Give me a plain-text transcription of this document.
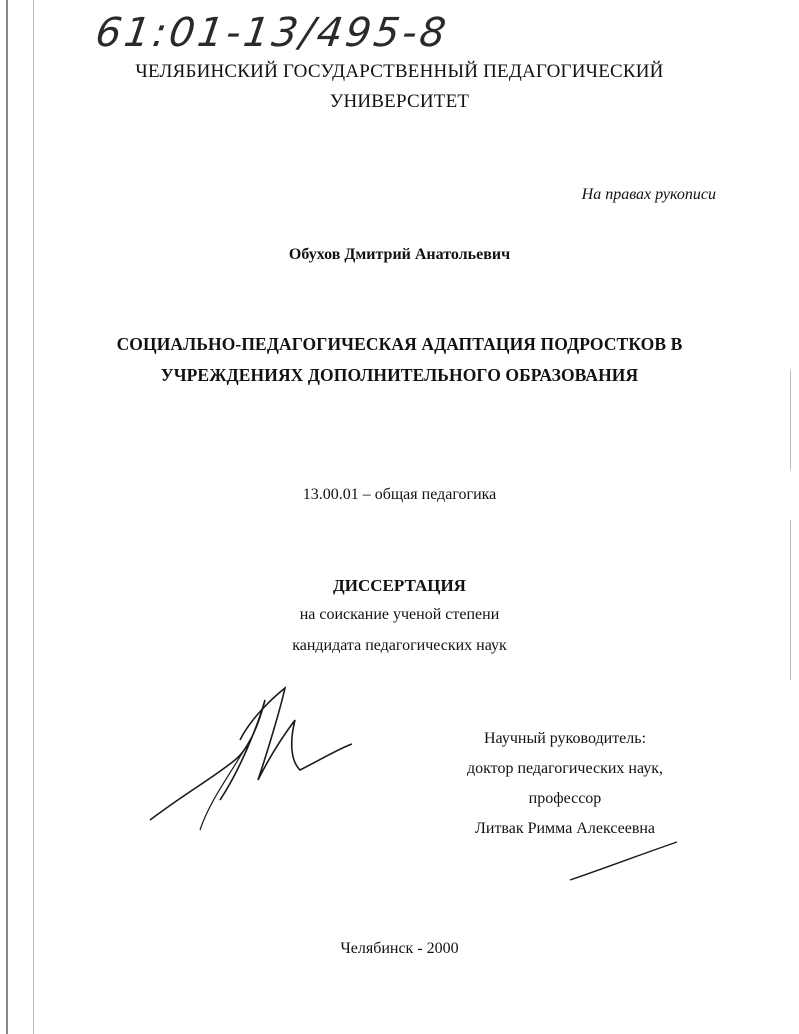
61:01-13/495-8
ЧЕЛЯБИНСКИЙ ГОСУДАРСТВЕННЫЙ ПЕДАГОГИЧЕСКИЙ
УНИВЕРСИТЕТ
На правах рукописи
Обухов Дмитрий Анатольевич
СОЦИАЛЬНО-ПЕДАГОГИЧЕСКАЯ АДАПТАЦИЯ ПОДРОСТКОВ В
УЧРЕЖДЕНИЯХ ДОПОЛНИТЕЛЬНОГО ОБРАЗОВАНИЯ
13.00.01 – общая педагогика
ДИССЕРТАЦИЯ
на соискание ученой степени
кандидата педагогических наук
Научный руководитель:
доктор педагогических наук,
профессор
Литвак Римма Алексеевна
Челябинск - 2000
